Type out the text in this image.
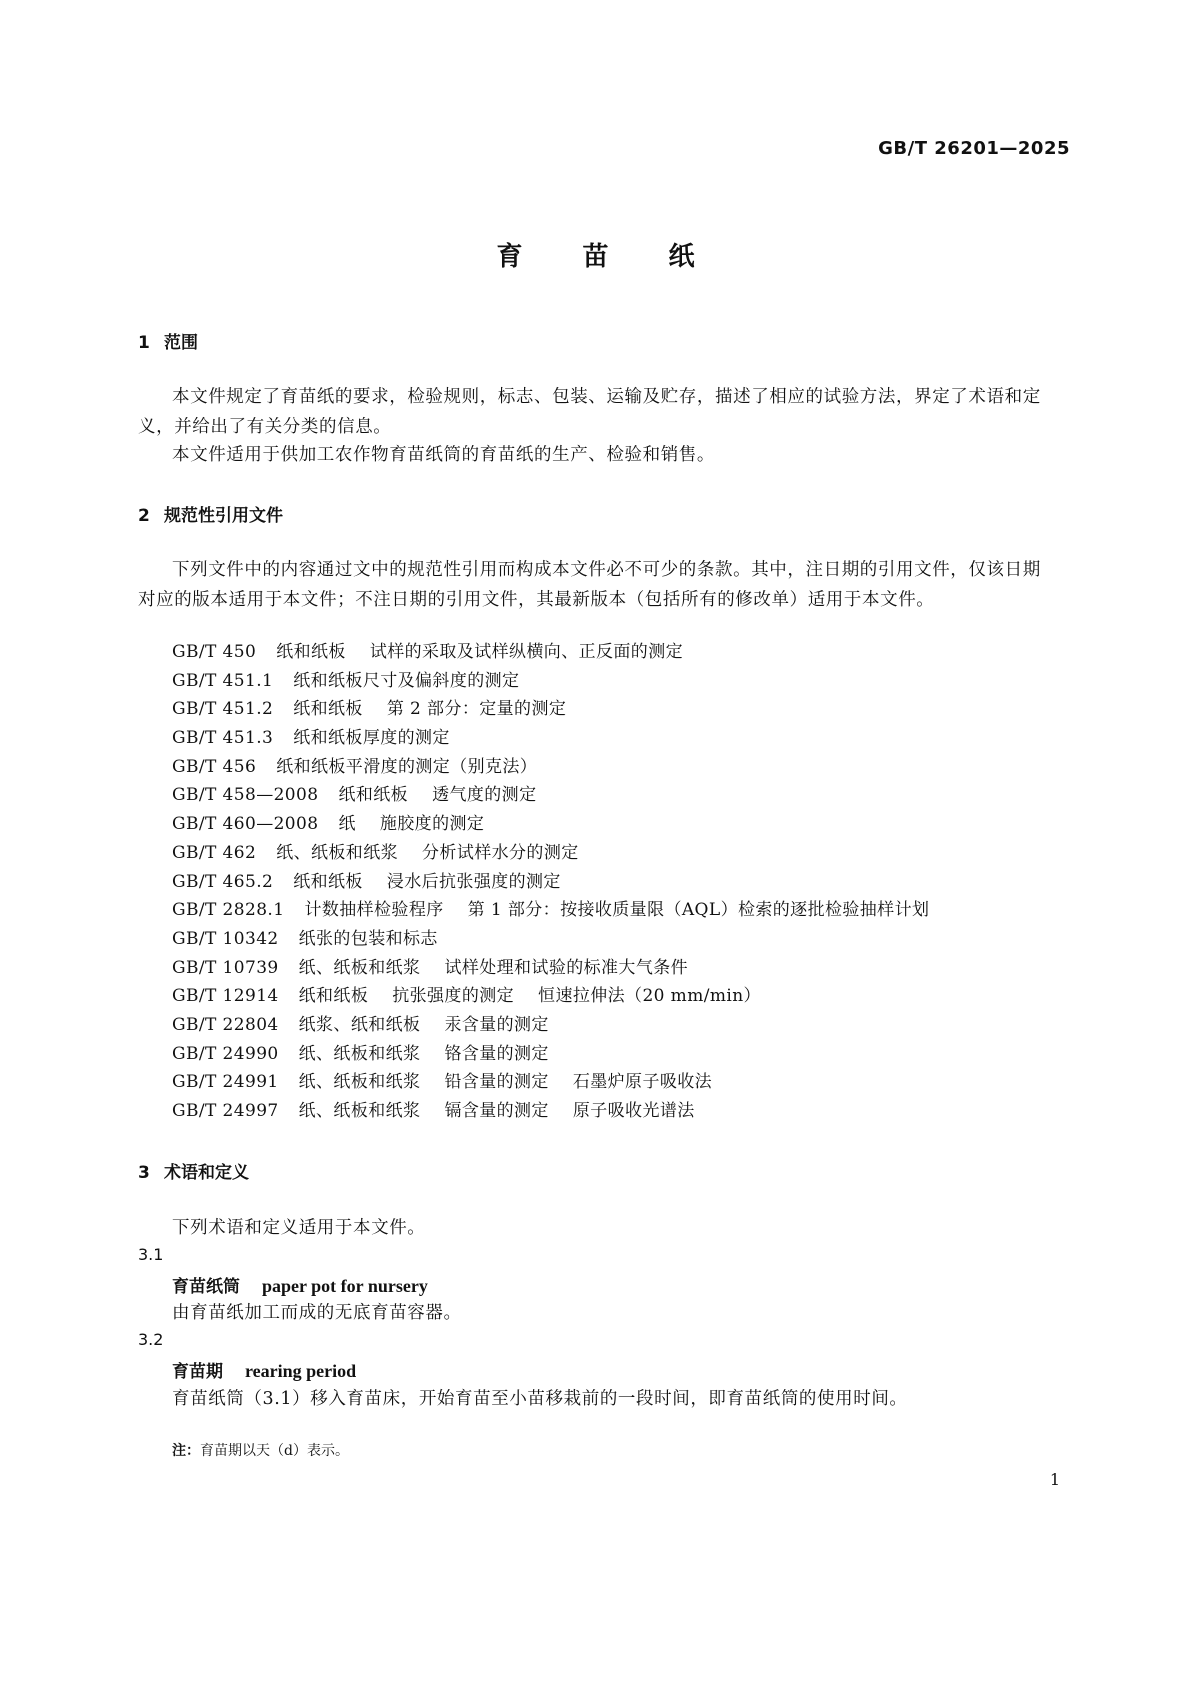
GB/T 26201—2025
育苗纸
1 范围

本文件规定了育苗纸的要求，检验规则，标志、包装、运输及贮存，描述了相应的试验方法，界定了术语和定义，并给出了有关分类的信息。

本文件适用于供加工农作物育苗纸筒的育苗纸的生产、检验和销售。

2 规范性引用文件

下列文件中的内容通过文中的规范性引用而构成本文件必不可少的条款。其中，注日期的引用文件，仅该日期对应的版本适用于本文件；不注日期的引用文件，其最新版本（包括所有的修改单）适用于本文件。

GB/T 450 纸和纸板 试样的采取及试样纵横向、正反面的测定
GB/T 451.1 纸和纸板尺寸及偏斜度的测定
GB/T 451.2 纸和纸板 第 2 部分：定量的测定
GB/T 451.3 纸和纸板厚度的测定
GB/T 456 纸和纸板平滑度的测定（别克法）
GB/T 458—2008 纸和纸板 透气度的测定
GB/T 460—2008 纸 施胶度的测定
GB/T 462 纸、纸板和纸浆 分析试样水分的测定
GB/T 465.2 纸和纸板 浸水后抗张强度的测定
GB/T 2828.1 计数抽样检验程序 第 1 部分：按接收质量限（AQL）检索的逐批检验抽样计划
GB/T 10342 纸张的包装和标志
GB/T 10739 纸、纸板和纸浆 试样处理和试验的标准大气条件
GB/T 12914 纸和纸板 抗张强度的测定 恒速拉伸法（20 mm/min）
GB/T 22804 纸浆、纸和纸板 汞含量的测定
GB/T 24990 纸、纸板和纸浆 铬含量的测定
GB/T 24991 纸、纸板和纸浆 铅含量的测定 石墨炉原子吸收法
GB/T 24997 纸、纸板和纸浆 镉含量的测定 原子吸收光谱法
3 术语和定义
下列术语和定义适用于本文件。
3.1
育苗纸筒 paper pot for nursery
由育苗纸加工而成的无底育苗容器。
3.2
育苗期 rearing period
育苗纸筒（3.1）移入育苗床，开始育苗至小苗移栽前的一段时间，即育苗纸筒的使用时间。
注：育苗期以天（d）表示。
1
